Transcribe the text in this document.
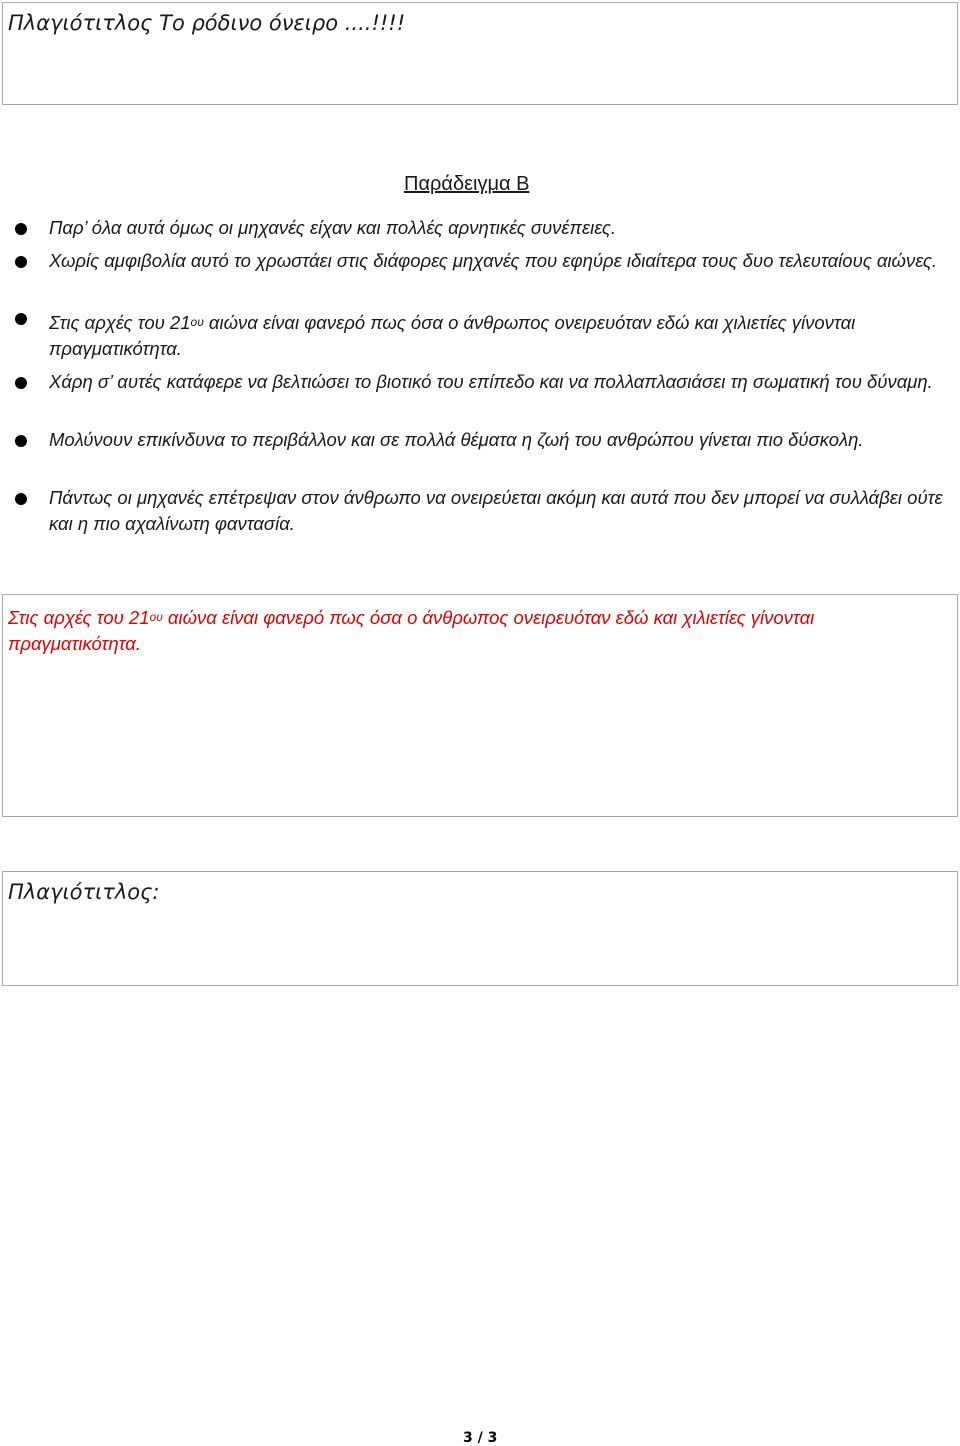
Πλαγιότιτλος Το ρόδινο όνειρο ....!!!!
Παράδειγμα Β
Παρ’ όλα αυτά όμως οι μηχανές είχαν και πολλές αρνητικές συνέπειες.
Χωρίς αμφιβολία αυτό το χρωστάει στις διάφορες μηχανές που εφηύρε ιδιαίτερα τους δυο τελευταίους αιώνες.
Στις αρχές του $21^{o\upsilon}$ αιώνα είναι φανερό πως όσα ο άνθρωπος ονειρευόταν εδώ και χιλιετίες γίνονται πραγματικότητα.
Χάρη σ’ αυτές κατάφερε να βελτιώσει το βιοτικό του επίπεδο και να πολλαπλασιάσει τη σωματική του δύναμη.
Μολύνουν επικίνδυνα το περιβάλλον και σε πολλά θέματα η ζωή του ανθρώπου γίνεται πιο δύσκολη.
Πάντως οι μηχανές επέτρεψαν στον άνθρωπο να ονειρεύεται ακόμη και αυτά που δεν μπορεί να συλλάβει ούτε και η πιο αχαλίνωτη φαντασία.
Στις αρχές του $21^{o\upsilon}$ αιώνα είναι φανερό πως όσα ο άνθρωπος ονειρευόταν εδώ και χιλιετίες γίνονται πραγματικότητα.
Πλαγιότιτλος:
3 / 3
